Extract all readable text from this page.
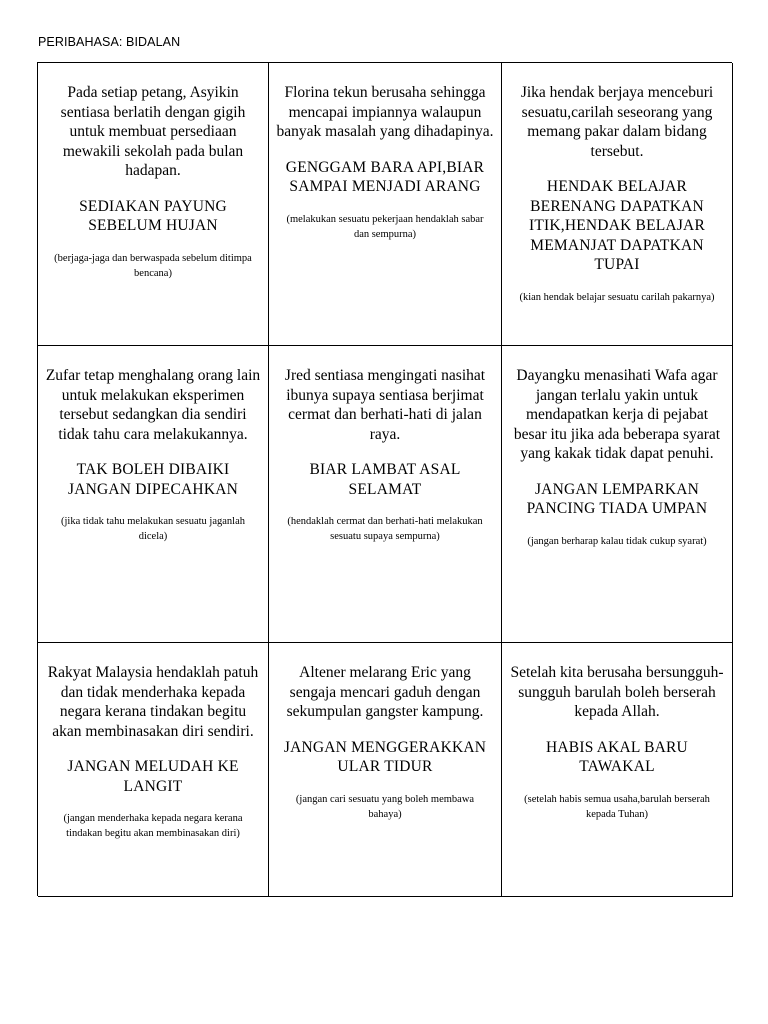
PERIBAHASA: BIDALAN

Pada setiap petang, Asyikin sentiasa berlatih dengan gigih untuk membuat persediaan mewakili sekolah pada bulan hadapan.

SEDIAKAN PAYUNG SEBELUM HUJAN

(berjaga-jaga dan berwaspada sebelum ditimpa bencana)

Florina tekun berusaha sehingga mencapai impiannya walaupun banyak masalah yang dihadapinya.

GENGGAM BARA API,BIAR SAMPAI MENJADI ARANG

(melakukan sesuatu pekerjaan hendaklah sabar dan sempurna)

Jika hendak berjaya menceburi sesuatu,carilah seseorang yang memang pakar dalam bidang tersebut.

HENDAK BELAJAR BERENANG DAPATKAN ITIK,HENDAK BELAJAR MEMANJAT DAPATKAN TUPAI

(kian hendak belajar sesuatu carilah pakarnya)

Zufar tetap menghalang orang lain untuk melakukan eksperimen tersebut sedangkan dia sendiri tidak tahu cara melakukannya.

TAK BOLEH DIBAIKI JANGAN DIPECAHKAN

(jika tidak tahu melakukan sesuatu jaganlah dicela)

Jred sentiasa mengingati nasihat ibunya supaya sentiasa berjimat cermat dan berhati-hati di jalan raya.

BIAR LAMBAT ASAL SELAMAT

(hendaklah cermat dan berhati-hati melakukan sesuatu supaya sempurna)

Dayangku menasihati Wafa agar jangan terlalu yakin untuk mendapatkan kerja di pejabat besar itu jika ada beberapa syarat yang kakak tidak dapat penuhi.

JANGAN LEMPARKAN PANCING TIADA UMPAN

(jangan berharap kalau tidak cukup syarat)

Rakyat Malaysia hendaklah patuh dan tidak menderhaka kepada negara kerana tindakan begitu akan membinasakan diri sendiri.

JANGAN MELUDAH KE LANGIT

(jangan menderhaka kepada negara kerana tindakan begitu akan membinasakan diri)

Altener melarang Eric yang sengaja mencari gaduh dengan sekumpulan gangster kampung.

JANGAN MENGGERAKKAN ULAR TIDUR

(jangan cari sesuatu yang boleh membawa bahaya)

Setelah kita berusaha bersungguh-sungguh barulah boleh berserah kepada Allah.

HABIS AKAL BARU TAWAKAL

(setelah habis semua usaha,barulah berserah kepada Tuhan)
